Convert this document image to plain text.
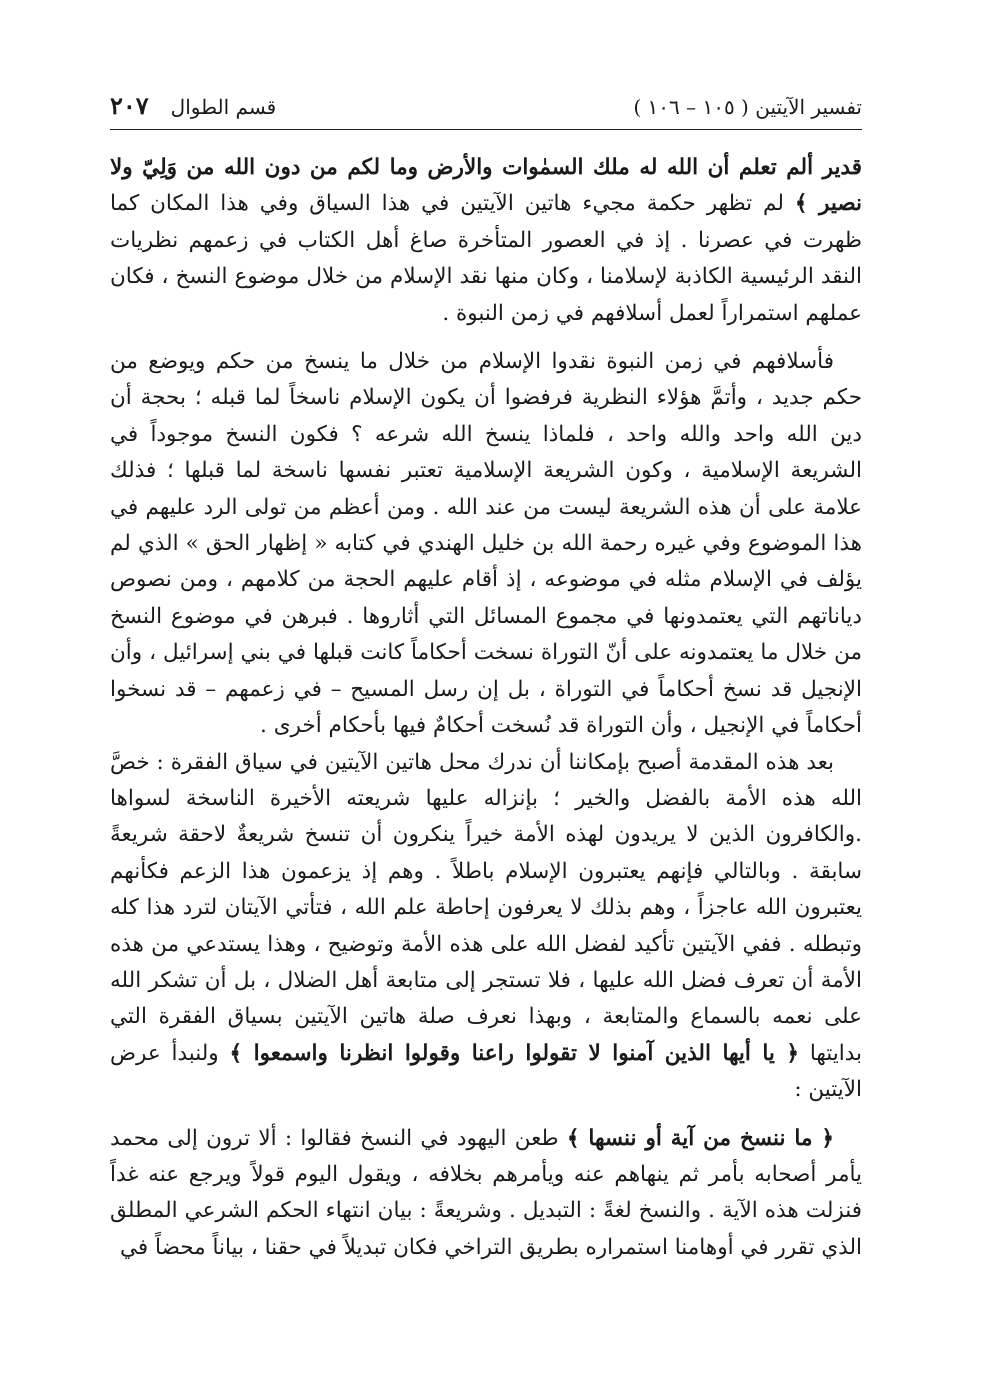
تفسير الآيتين ( ١٠٥ – ١٠٦ )
قسم الطوال
٢٠٧

قدير ألم تعلم أن الله له ملك السمٰوات والأرض وما لكم من دون الله من وَلِيّ ولا نصير ﴾ لم تظهر حكمة مجيء هاتين الآيتين في هذا السياق وفي هذا المكان كما ظهرت في عصرنا . إذ في العصور المتأخرة صاغ أهل الكتاب في زعمهم نظريات النقد الرئيسية الكاذبة لإسلامنا ، وكان منها نقد الإسلام من خلال موضوع النسخ ، فكان عملهم استمراراً لعمل أسلافهم في زمن النبوة .

فأسلافهم في زمن النبوة نقدوا الإسلام من خلال ما ينسخ من حكم ويوضع من حكم جديد ، وأتمَّ هؤلاء النظرية فرفضوا أن يكون الإسلام ناسخاً لما قبله ؛ بحجة أن دين الله واحد والله واحد ، فلماذا ينسخ الله شرعه ؟ فكون النسخ موجوداً في الشريعة الإسلامية ، وكون الشريعة الإسلامية تعتبر نفسها ناسخة لما قبلها ؛ فذلك علامة على أن هذه الشريعة ليست من عند الله . ومن أعظم من تولى الرد عليهم في هذا الموضوع وفي غيره رحمة الله بن خليل الهندي في كتابه « إظهار الحق » الذي لم يؤلف في الإسلام مثله في موضوعه ، إذ أقام عليهم الحجة من كلامهم ، ومن نصوص دياناتهم التي يعتمدونها في مجموع المسائل التي أثاروها . فبرهن في موضوع النسخ من خلال ما يعتمدونه على أنّ التوراة نسخت أحكاماً كانت قبلها في بني إسرائيل ، وأن الإنجيل قد نسخ أحكاماً في التوراة ، بل إن رسل المسيح – في زعمهم – قد نسخوا أحكاماً في الإنجيل ، وأن التوراة قد نُسخت أحكامٌ فيها بأحكام أخرى .

بعد هذه المقدمة أصبح بإمكاننا أن ندرك محل هاتين الآيتين في سياق الفقرة : خصَّ الله هذه الأمة بالفضل والخير ؛ بإنزاله عليها شريعته الأخيرة الناسخة لسواها .والكافرون الذين لا يريدون لهذه الأمة خيراً ينكرون أن تنسخ شريعةٌ لاحقة شريعةً سابقة . وبالتالي فإنهم يعتبرون الإسلام باطلاً . وهم إذ يزعمون هذا الزعم فكأنهم يعتبرون الله عاجزاً ، وهم بذلك لا يعرفون إحاطة علم الله ، فتأتي الآيتان لترد هذا كله وتبطله . ففي الآيتين تأكيد لفضل الله على هذه الأمة وتوضيح ، وهذا يستدعي من هذه الأمة أن تعرف فضل الله عليها ، فلا تستجر إلى متابعة أهل الضلال ، بل أن تشكر الله على نعمه بالسماع والمتابعة ، وبهذا نعرف صلة هاتين الآيتين بسياق الفقرة التي بدايتها ﴿ يا أيها الذين آمنوا لا تقولوا راعنا وقولوا انظرنا واسمعوا ﴾ ولنبدأ عرض الآيتين :

﴿ ما ننسخ من آية أو ننسها ﴾ طعن اليهود في النسخ فقالوا : ألا ترون إلى محمد يأمر أصحابه بأمر ثم ينهاهم عنه ويأمرهم بخلافه ، ويقول اليوم قولاً ويرجع عنه غداً فنزلت هذه الآية . والنسخ لغةً : التبديل . وشريعةً : بيان انتهاء الحكم الشرعي المطلق الذي تقرر في أوهامنا استمراره بطريق التراخي فكان تبديلاً في حقنا ، بياناً محضاً في
